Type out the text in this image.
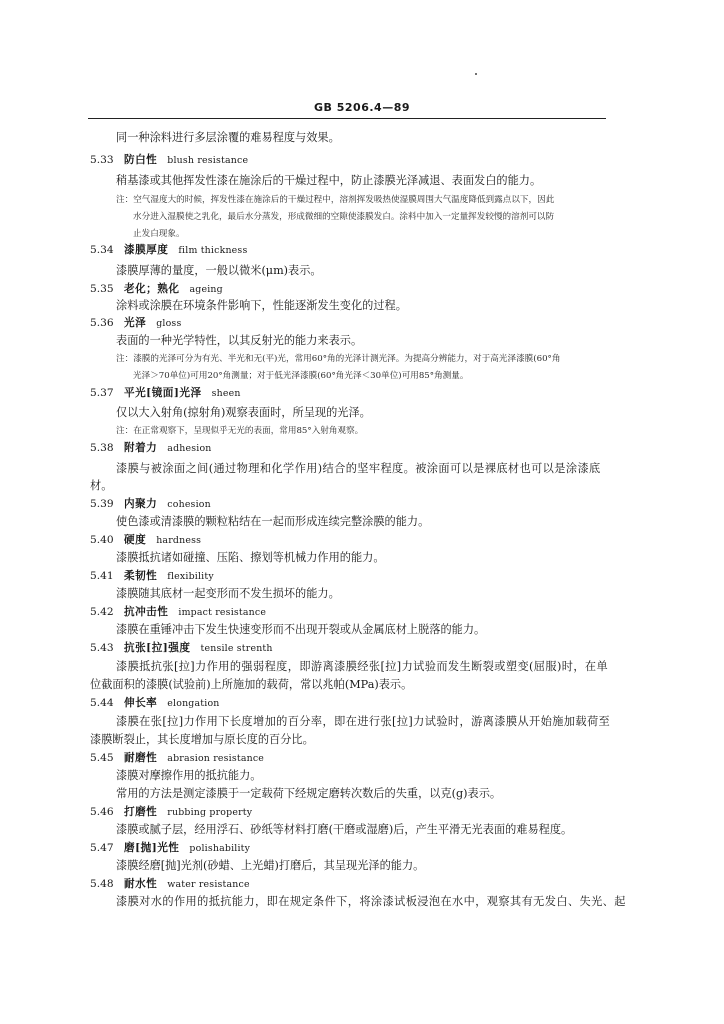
GB 5206.4—89
同一种涂料进行多层涂覆的难易程度与效果。
5.33 防白性 blush resistance
稍基漆或其他挥发性漆在施涂后的干燥过程中，防止漆膜光泽减退、表面发白的能力。
注：空气湿度大的时候，挥发性漆在施涂后的干燥过程中，溶剂挥发吸热使湿膜周围大气温度降低到露点以下，因此
水分进入湿膜使之乳化，最后水分蒸发，形成微细的空隙使漆膜发白。涂料中加入一定量挥发较慢的溶剂可以防
止发白现象。
5.34 漆膜厚度 film thickness
漆膜厚薄的量度，一般以微米(μm)表示。
5.35 老化；熟化 ageing
涂料或涂膜在环境条件影响下，性能逐渐发生变化的过程。
5.36 光泽 gloss
表面的一种光学特性，以其反射光的能力来表示。
注：漆膜的光泽可分为有光、半光和无(平)光，常用60°角的光泽计测光泽。为提高分辨能力，对于高光泽漆膜(60°角
光泽＞70单位)可用20°角测量；对于低光泽漆膜(60°角光泽＜30单位)可用85°角测量。
5.37 平光[镜面]光泽 sheen
仅以大入射角(掠射角)观察表面时，所呈现的光泽。
注：在正常观察下，呈现似乎无光的表面，常用85°入射角观察。
5.38 附着力 adhesion
漆膜与被涂面之间(通过物理和化学作用)结合的坚牢程度。被涂面可以是裸底材也可以是涂漆底
材。
5.39 内聚力 cohesion
使色漆或清漆膜的颗粒粘结在一起而形成连续完整涂膜的能力。
5.40 硬度 hardness
漆膜抵抗诸如碰撞、压陷、擦划等机械力作用的能力。
5.41 柔韧性 flexibility
漆膜随其底材一起变形而不发生损坏的能力。
5.42 抗冲击性 impact resistance
漆膜在重锤冲击下发生快速变形而不出现开裂或从金属底材上脱落的能力。
5.43 抗张[拉]强度 tensile strenth
漆膜抵抗张[拉]力作用的强弱程度，即游离漆膜经张[拉]力试验而发生断裂或塑变(屈服)时，在单
位截面积的漆膜(试验前)上所施加的载荷，常以兆帕(MPa)表示。
5.44 伸长率 elongation
漆膜在张[拉]力作用下长度增加的百分率，即在进行张[拉]力试验时，游离漆膜从开始施加载荷至
漆膜断裂止，其长度增加与原长度的百分比。
5.45 耐磨性 abrasion resistance
漆膜对摩擦作用的抵抗能力。
常用的方法是测定漆膜于一定载荷下经规定磨转次数后的失重，以克(g)表示。
5.46 打磨性 rubbing property
漆膜或腻子层，经用浮石、砂纸等材料打磨(干磨或湿磨)后，产生平滑无光表面的难易程度。
5.47 磨[抛]光性 polishability
漆膜经磨[抛]光剂(砂蜡、上光蜡)打磨后，其呈现光泽的能力。
5.48 耐水性 water resistance
漆膜对水的作用的抵抗能力，即在规定条件下，将涂漆试板浸泡在水中，观察其有无发白、失光、起
